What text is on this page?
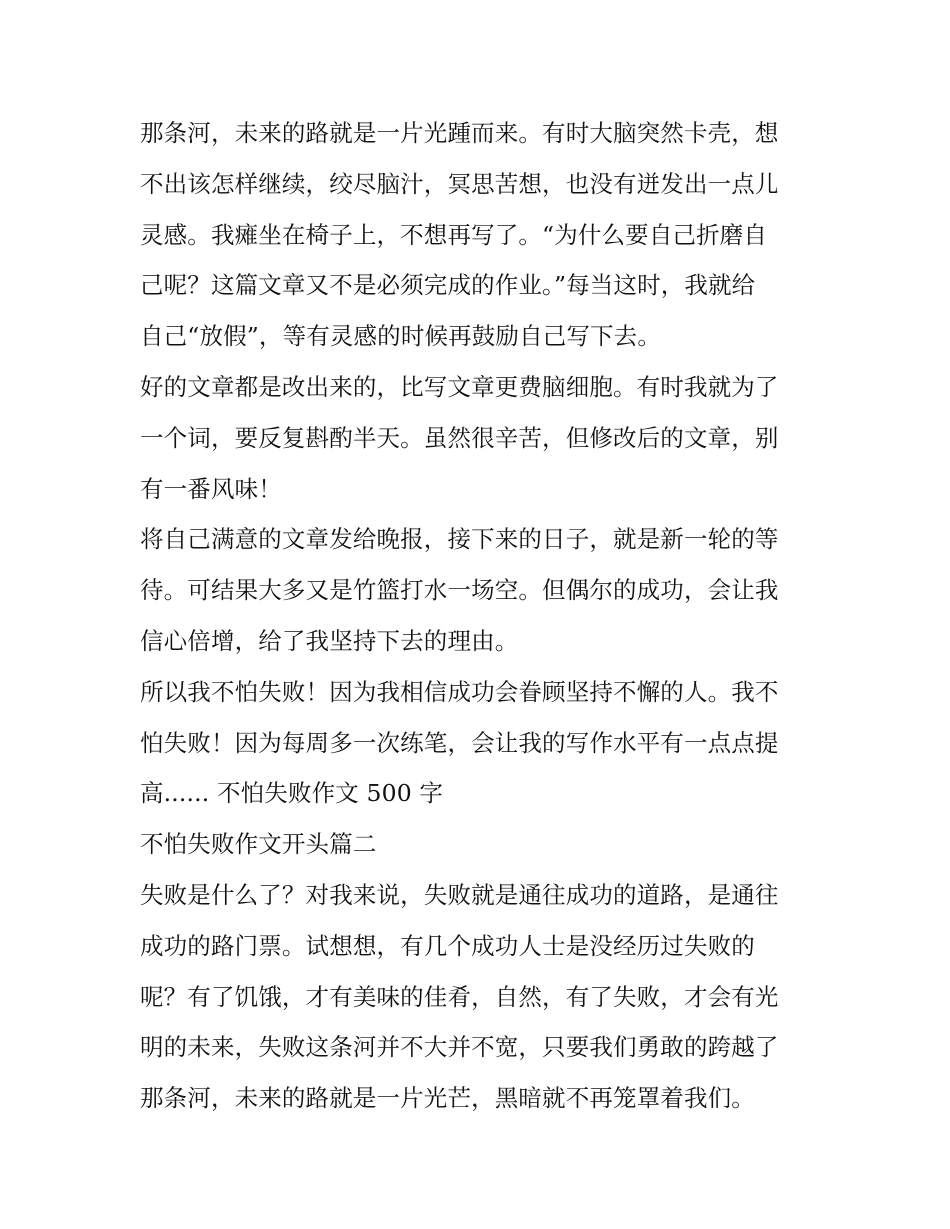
那条河，未来的路就是一片光踵而来。有时大脑突然卡壳，想
不出该怎样继续，绞尽脑汁，冥思苦想，也没有迸发出一点儿
灵感。我瘫坐在椅子上，不想再写了。“为什么要自己折磨自
己呢？这篇文章又不是必须完成的作业。”每当这时，我就给
自己“放假”，等有灵感的时候再鼓励自己写下去。
好的文章都是改出来的，比写文章更费脑细胞。有时我就为了
一个词，要反复斟酌半天。虽然很辛苦，但修改后的文章，别
有一番风味！
将自己满意的文章发给晚报，接下来的日子，就是新一轮的等
待。可结果大多又是竹篮打水一场空。但偶尔的成功，会让我
信心倍增，给了我坚持下去的理由。
所以我不怕失败！因为我相信成功会眷顾坚持不懈的人。我不
怕失败！因为每周多一次练笔，会让我的写作水平有一点点提
高...... 不怕失败作文 500 字
不怕失败作文开头篇二
失败是什么了？对我来说，失败就是通往成功的道路，是通往
成功的路门票。试想想，有几个成功人士是没经历过失败的
呢？有了饥饿，才有美味的佳肴，自然，有了失败，才会有光
明的未来，失败这条河并不大并不宽，只要我们勇敢的跨越了
那条河，未来的路就是一片光芒，黑暗就不再笼罩着我们。
